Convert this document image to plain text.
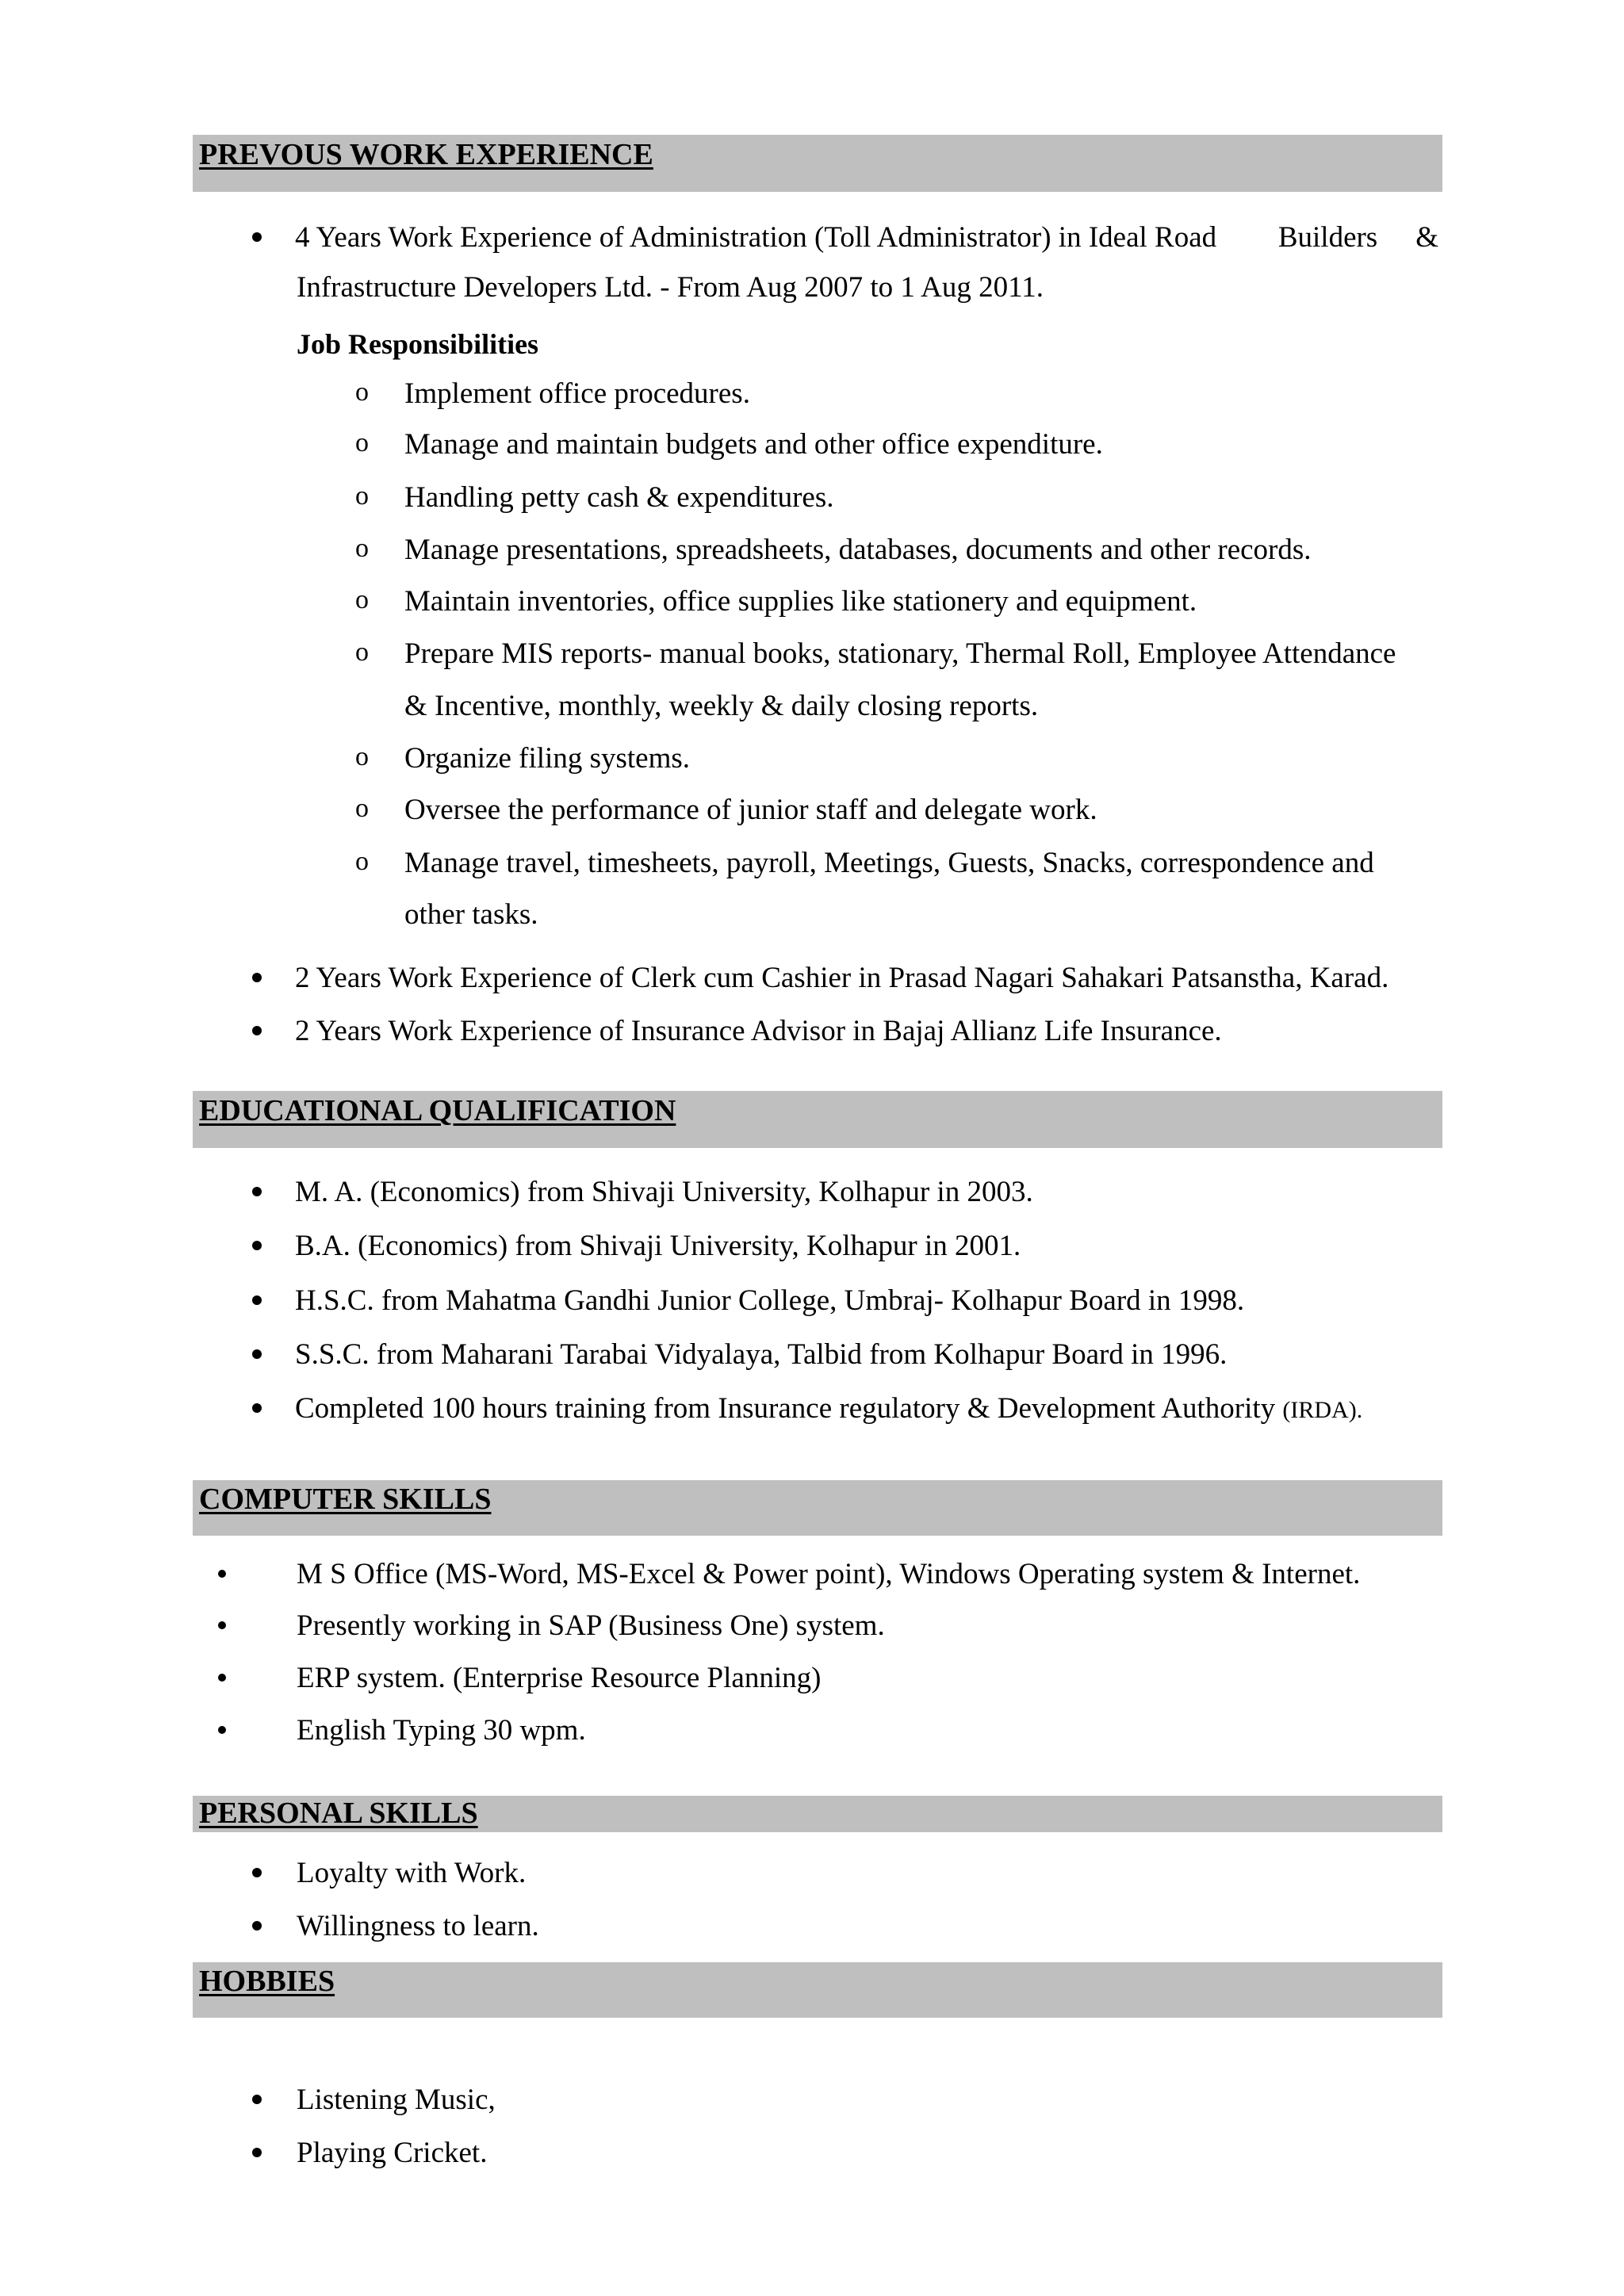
PREVOUS WORK EXPERIENCE
4 Years Work Experience of Administration (Toll Administrator) in Ideal Road Builders &
Infrastructure Developers Ltd. - From Aug 2007 to 1 Aug 2011.
Job Responsibilities
o Implement office procedures.
o Manage and maintain budgets and other office expenditure.
o Handling petty cash & expenditures.
o Manage presentations, spreadsheets, databases, documents and other records.
o Maintain inventories, office supplies like stationery and equipment.
o Prepare MIS reports- manual books, stationary, Thermal Roll, Employee Attendance
& Incentive, monthly, weekly & daily closing reports.
o Organize filing systems.
o Oversee the performance of junior staff and delegate work.
o Manage travel, timesheets, payroll, Meetings, Guests, Snacks, correspondence and
other tasks.
2 Years Work Experience of Clerk cum Cashier in Prasad Nagari Sahakari Patsanstha, Karad.
2 Years Work Experience of Insurance Advisor in Bajaj Allianz Life Insurance.
EDUCATIONAL QUALIFICATION
M. A. (Economics) from Shivaji University, Kolhapur in 2003.
B.A. (Economics) from Shivaji University, Kolhapur in 2001.
H.S.C. from Mahatma Gandhi Junior College, Umbraj- Kolhapur Board in 1998.
S.S.C. from Maharani Tarabai Vidyalaya, Talbid from Kolhapur Board in 1996.
Completed 100 hours training from Insurance regulatory & Development Authority (IRDA).
COMPUTER SKILLS
M S Office (MS-Word, MS-Excel & Power point), Windows Operating system & Internet.
Presently working in SAP (Business One) system.
ERP system. (Enterprise Resource Planning)
English Typing 30 wpm.
PERSONAL SKILLS
Loyalty with Work.
Willingness to learn.
HOBBIES
Listening Music,
Playing Cricket.
